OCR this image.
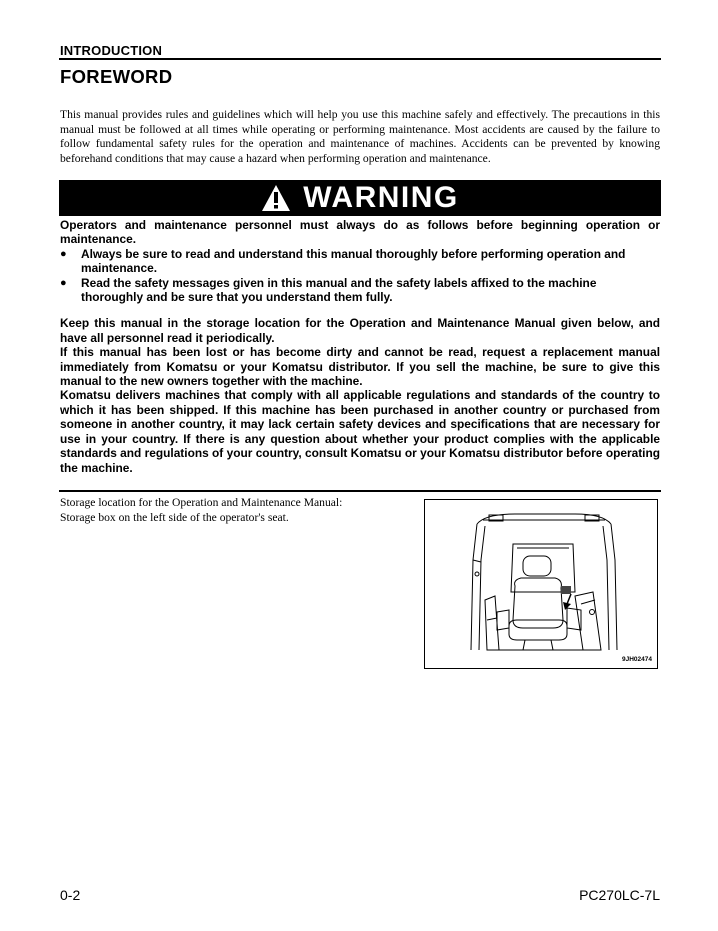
INTRODUCTION
FOREWORD

This manual provides rules and guidelines which will help you use this machine safely and effectively. The precautions in this manual must be followed at all times while operating or performing maintenance. Most accidents are caused by the failure to follow fundamental safety rules for the operation and maintenance of machines. Accidents can be prevented by knowing beforehand conditions that may cause a hazard when performing operation and maintenance.

WARNING

Operators and maintenance personnel must always do as follows before beginning operation or maintenance.

● Always be sure to read and understand this manual thoroughly before performing operation and maintenance.

● Read the safety messages given in this manual and the safety labels affixed to the machine thoroughly and be sure that you understand them fully.

Keep this manual in the storage location for the Operation and Maintenance Manual given below, and have all personnel read it periodically.

If this manual has been lost or has become dirty and cannot be read, request a replacement manual immediately from Komatsu or your Komatsu distributor. If you sell the machine, be sure to give this manual to the new owners together with the machine.

Komatsu delivers machines that comply with all applicable regulations and standards of the country to which it has been shipped. If this machine has been purchased in another country or purchased from someone in another country, it may lack certain safety devices and specifications that are necessary for use in your country. If there is any question about whether your product complies with the applicable standards and regulations of your country, consult Komatsu or your Komatsu distributor before operating the machine.

Storage location for the Operation and Maintenance Manual:
Storage box on the left side of the operator's seat.
9JH02474
0-2	PC270LC-7L
